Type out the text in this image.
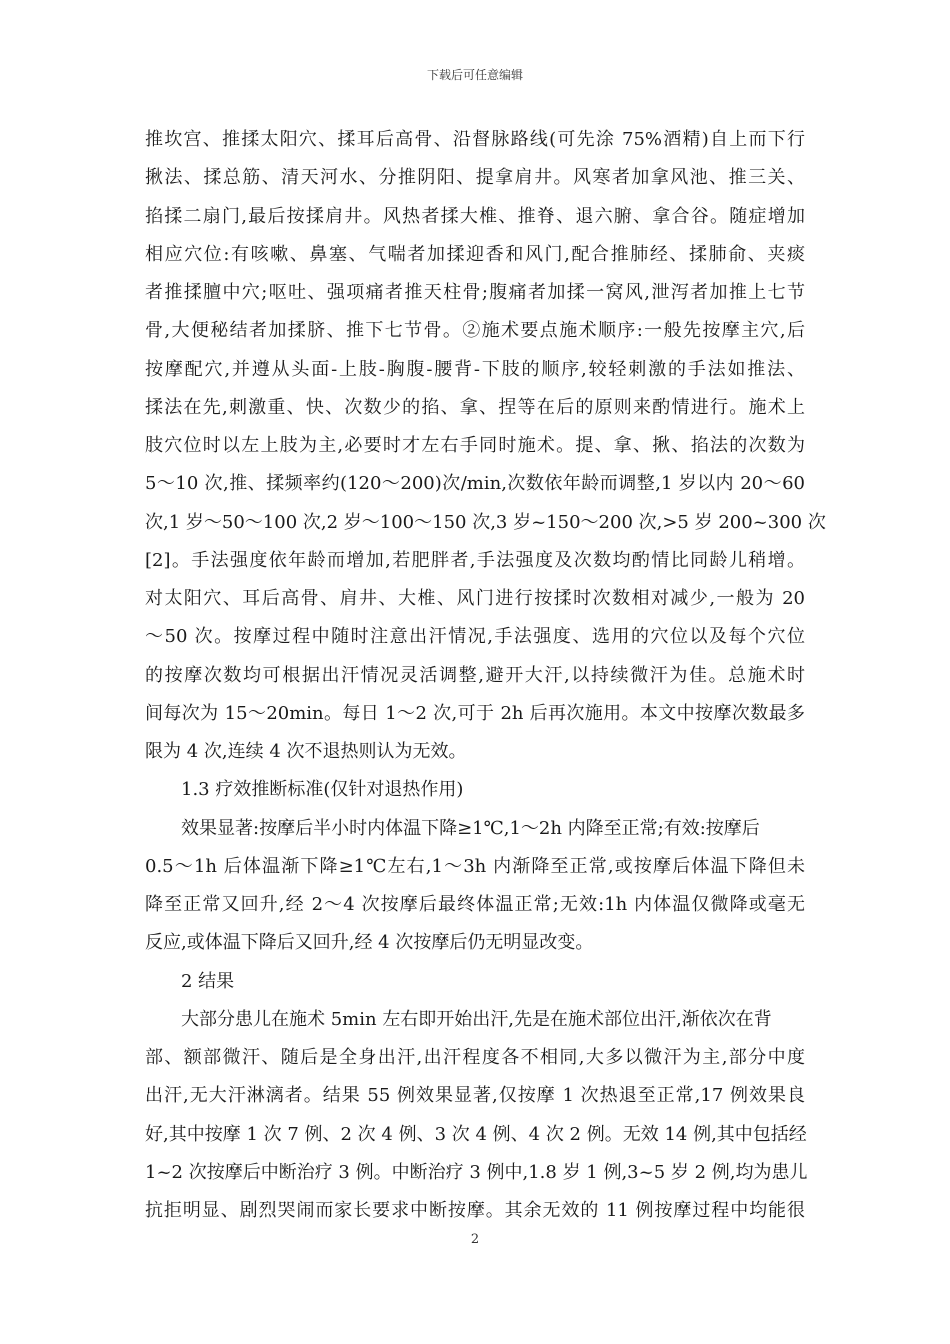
下载后可任意编辑
推坎宫、推揉太阳穴、揉耳后高骨、沿督脉路线(可先涂 75%酒精)自上而下行
揪法、揉总筋、清天河水、分推阴阳、提拿肩井。风寒者加拿风池、推三关、
掐揉二扇门,最后按揉肩井。风热者揉大椎、推脊、退六腑、拿合谷。随症增加
相应穴位:有咳嗽、鼻塞、气喘者加揉迎香和风门,配合推肺经、揉肺俞、夹痰
者推揉膻中穴;呕吐、强项痛者推天柱骨;腹痛者加揉一窝风,泄泻者加推上七节
骨,大便秘结者加揉脐、推下七节骨。②施术要点施术顺序:一般先按摩主穴,后
按摩配穴,并遵从头面-上肢-胸腹-腰背-下肢的顺序,较轻刺激的手法如推法、
揉法在先,刺激重、快、次数少的掐、拿、捏等在后的原则来酌情进行。施术上
肢穴位时以左上肢为主,必要时才左右手同时施术。提、拿、揪、掐法的次数为
5～10 次,推、揉频率约(120～200)次/min,次数依年龄而调整,1 岁以内 20～60
次,1 岁～50～100 次,2 岁～100～150 次,3 岁~150～200 次,>5 岁 200~300 次
[2]。手法强度依年龄而增加,若肥胖者,手法强度及次数均酌情比同龄儿稍增。
对太阳穴、耳后高骨、肩井、大椎、风门进行按揉时次数相对减少,一般为 20
～50 次。按摩过程中随时注意出汗情况,手法强度、选用的穴位以及每个穴位
的按摩次数均可根据出汗情况灵活调整,避开大汗,以持续微汗为佳。总施术时
间每次为 15～20min。每日 1～2 次,可于 2h 后再次施用。本文中按摩次数最多
限为 4 次,连续 4 次不退热则认为无效。
1.3 疗效推断标准(仅针对退热作用)
效果显著:按摩后半小时内体温下降≥1℃,1～2h 内降至正常;有效:按摩后
0.5～1h 后体温渐下降≥1℃左右,1～3h 内渐降至正常,或按摩后体温下降但未
降至正常又回升,经 2～4 次按摩后最终体温正常;无效:1h 内体温仅微降或毫无
反应,或体温下降后又回升,经 4 次按摩后仍无明显改变。
2 结果
大部分患儿在施术 5min 左右即开始出汗,先是在施术部位出汗,渐依次在背
部、额部微汗、随后是全身出汗,出汗程度各不相同,大多以微汗为主,部分中度
出汗,无大汗淋漓者。结果 55 例效果显著,仅按摩 1 次热退至正常,17 例效果良
好,其中按摩 1 次 7 例、2 次 4 例、3 次 4 例、4 次 2 例。无效 14 例,其中包括经
1~2 次按摩后中断治疗 3 例。中断治疗 3 例中,1.8 岁 1 例,3~5 岁 2 例,均为患儿
抗拒明显、剧烈哭闹而家长要求中断按摩。其余无效的 11 例按摩过程中均能很
2
